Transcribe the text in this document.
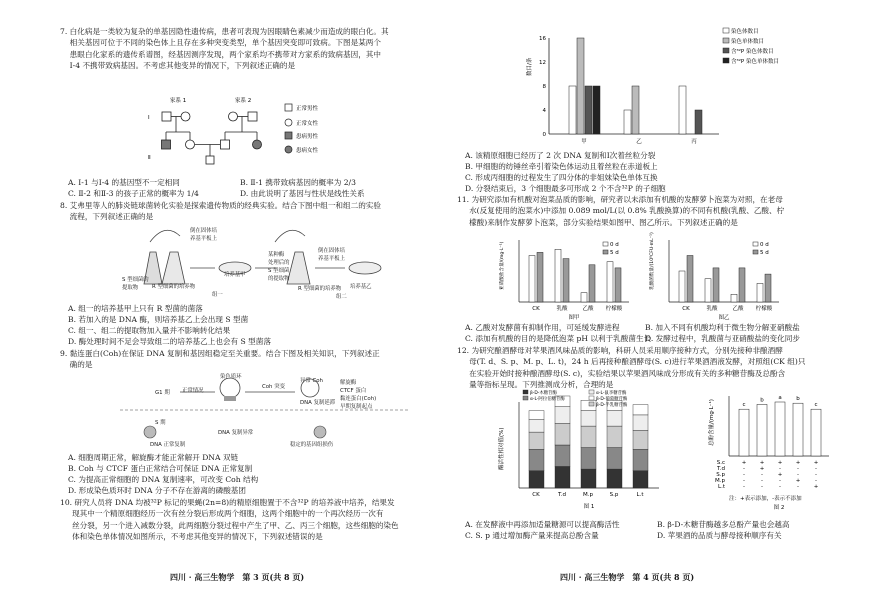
7. 白化病是一类较为复杂的单基因隐性遗传病，患者可表现为因眼睛色素减少而造成的眼白化。其
相关基因可位于不同的染色体上且存在多种突变类型，单个基因突变即可致病。下图是某两个
患眼白化家系的遗传系谱图，经基因测序发现，两个家系均不携带对方家系的致病基因，其中
Ⅰ-4 不携带致病基因。不考虑其他变异的情况下，下列叙述正确的是
家系 1	家系 2
Ⅰ
Ⅱ
正常男性
正常女性
患病男性
患病女性
A. Ⅰ-1 与Ⅰ-4 的基因型不一定相同	B. Ⅱ-1 携带致病基因的概率为 2/3
C. Ⅱ-2 和Ⅱ-3 的孩子正常的概率为 1/4	D. 由此说明了基因与性状是线性关系
8. 艾弗里等人的肺炎链球菌转化实验是探索遗传物质的经典实验。结合下图中组一和组二的实验
流程，下列叙述正确的是
倒在固体培
养基平板上
S 型细菌的
提取物	R 型细菌的培养物
培养基甲
组一
某种酶
处理后的
S 型细菌
的提取物
R 型细菌的培养物
倒在固体培
养基平板上
培养基乙
组二
A. 组一的培养基甲上只有 R 型菌的菌落
B. 若加入的是 DNA 酶，则培养基乙上会出现 S 型菌
C. 组一、组二的提取物加入量并不影响转化结果
D. 酶处理时间不足会导致组二的培养基乙上也会有 S 型菌落
9. 黏连蛋白(Coh)在保证 DNA 复制和基因组稳定至关重要。结合下图及相关知识，下列叙述正
确的是
G1 期
S 期
正常情况
染色质环
Coh 突变
异常 Coh
DNA 复制异常
DNA 正常复制
DNA 复制延滞
稳定的基因组损伤
解旋酶
CTCF 蛋白
黏连蛋白(Coh)
早期复制起点
A. 细胞周期正常，解旋酶才能正常解开 DNA 双链
B. Coh 与 CTCF 蛋白正常结合可保证 DNA 正常复制
C. 为提高正常细胞的 DNA 复制速率，可改变 Coh 结构
D. 形成染色质环时 DNA 分子不存在游离的磷酸基团
10. 研究人员将 DNA 均被³²P 标记的果蝇(2n=8)的精原细胞置于不含³²P 的培养液中培养，结果发
现其中一个精原细胞经历一次有丝分裂后形成两个细胞，这两个细胞中的一个再次经历一次有
丝分裂，另一个进入减数分裂，此两细胞分裂过程中产生了甲、乙、丙三个细胞，这些细胞的染色
体和染色单体情况如图所示，不考虑其他变异的情况下，下列叙述错误的是
四川 · 高三生物学　第 3 页(共 8 页)
16
12
8
4
0
数目/条
甲	乙	丙
染色体数目
染色单体数目
含³²P 染色体数目
含³²P 染色单体数目
A. 该精原细胞已经历了 2 次 DNA 复制和Ⅰ次着丝粒分裂
B. 甲细胞的纺锤丝牵引着染色体运动且着丝粒在赤道板上
C. 形成丙细胞的过程发生了四分体的非姐妹染色单体互换
D. 分裂结束后，3 个细胞最多可形成 2 个不含³²P 的子细胞
11. 为研究添加有机酸对泡菜品质的影响，研究者以未添加有机酸的发酵萝卜泡菜为对照，在老母
水(反复使用的泡菜水)中添加 0.089 mol/L(以 0.8% 乳酸换算)的不同有机酸(乳酸、乙酸、柠
檬酸)来制作发酵萝卜泡菜，部分实验结果如图甲、图乙所示。下列叙述正确的是
亚硝酸盐含量/(mg·L⁻¹)
CK	乳酸	乙酸 柠檬酸
0 d
5 d
图甲
乳酸菌数量/(10⁸CFU·mL⁻¹)
CK	乳酸	乙酸 柠檬酸
0 d
5 d
图乙
A. 乙酸对发酵菌有抑制作用，可延缓发酵进程	B. 加入不同有机酸均利于微生物分解亚硝酸盐
C. 添加有机酸的目的是降低泡菜 pH 以利于乳酸菌生长
D. 发酵过程中，乳酸菌与亚硝酸盐的变化同步
12. 为研究酿酒酵母对苹果酒风味品质的影响，科研人员采用顺序接种方式，分别先接种非酿酒酵
母(T. d、S. p、M. p、L. t)，24 h 后再接种酿酒酵母(S. c)进行苹果酒酒液发酵，对照组(CK 组)只
在实验开始时接种酿酒酵母(S. c)，实验结果以苹果酒风味成分形成有关的多种糖苷酶及总酚含
量等指标呈现。下列推测成分析，合理的是
酶活性相对值(%)
CK	T.d	M.p	S.p	L.t
β-D-木糖苷酶
α-L-阿拉伯糖苷酶
β-D-半乳糖苷酶
α-L-鼠李糖苷酶
β-D-葡萄糖苷酶
图 1
总酚含量/(mg·L⁻¹)	c
b	a	b
c
S.c	+ + + + +
T.d	-	+	-	-	-
S.p	-	-	+	-	-
M.p	-	-	-	+	-
L.t	-	-	-	-	+
注：+表示添加，-表示不添加
图 2
A. 在发酵液中再添加适量糖源可以提高酶活性	B. β-D-木糖苷酶越多总酚产量也会越高
C. S. p 通过增加酶产量来提高总酚含量	D. 苹果酒的品质与酵母接种顺序有关
四川 · 高三生物学　第 4 页(共 8 页)
